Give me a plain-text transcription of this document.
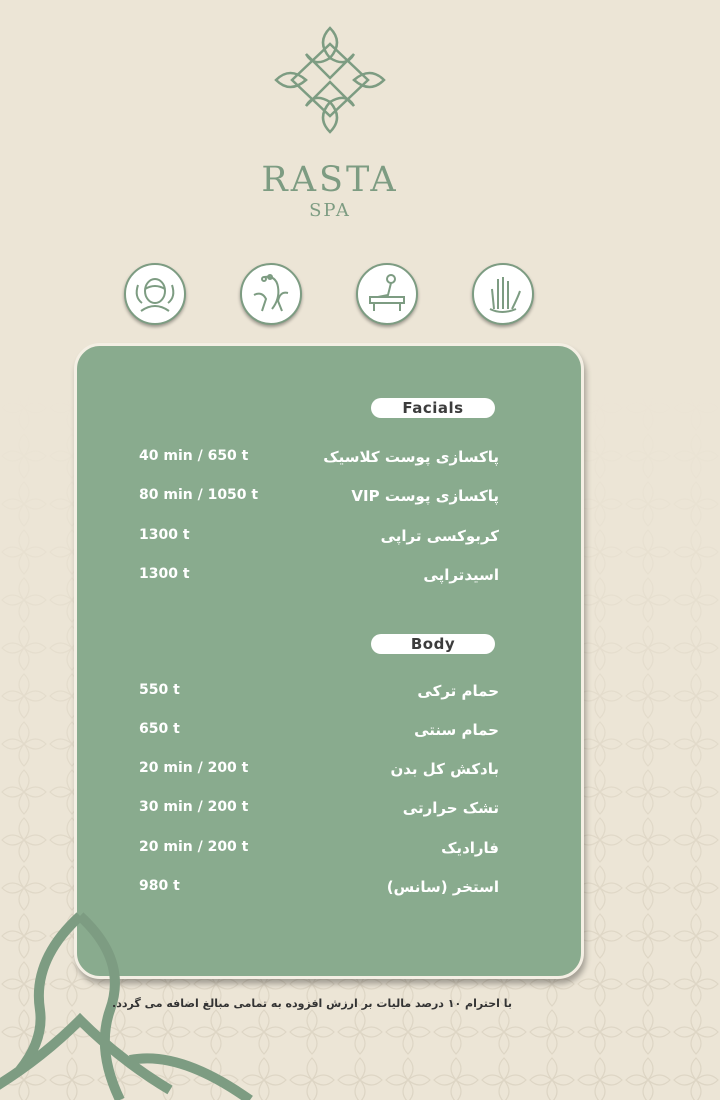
RASTA
SPA
Facials
پاکسازی پوست کلاسیک
40 min / 650 t
پاکسازی پوست VIP
80 min / 1050 t
کربوکسی تراپی
1300 t
اسیدتراپی
1300 t
Body
حمام ترکی
550 t
حمام سنتی
650 t
بادکش کل بدن
20 min / 200 t
تشک حرارتی
30 min / 200 t
فارادیک
20 min / 200 t
استخر (سانس)
980 t
با احترام ۱۰ درصد مالیات بر ارزش افزوده به تمامی مبالغ اضافه می گردد.
